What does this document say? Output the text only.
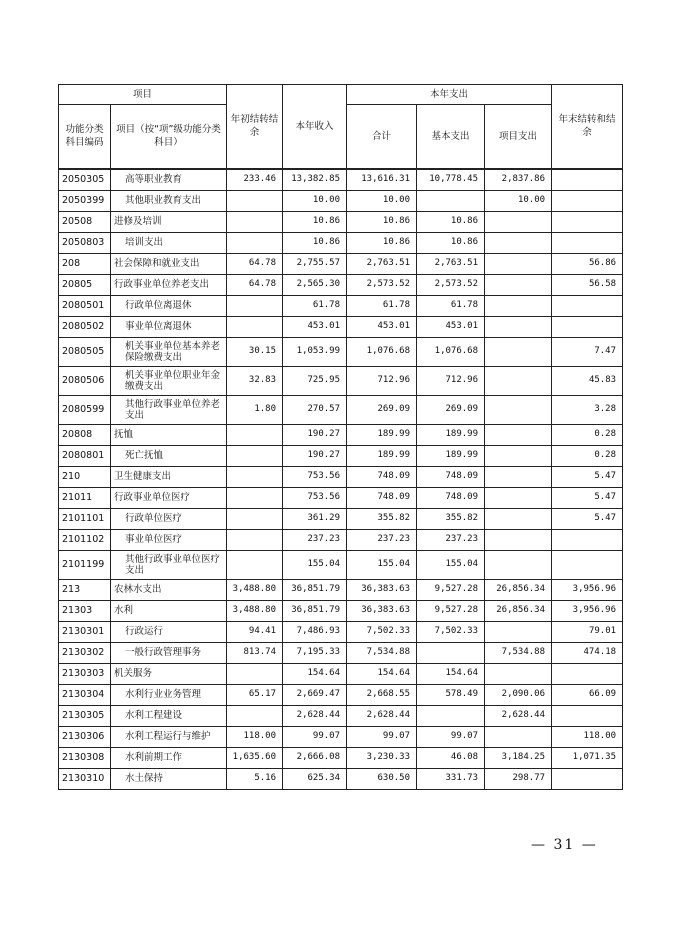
项目		年初结转结余	本年收入	本年支出			年末结转和结余
功能分类科目编码	项目（按“项”级功能分类科目）			合计	基本支出	项目支出	
2050305	高等职业教育	233.46	13,382.85	13,616.31	10,778.45	2,837.86	
2050399	其他职业教育支出		10.00	10.00		10.00	
20508	进修及培训		10.86	10.86	10.86		
2050803	培训支出		10.86	10.86	10.86		
208	社会保障和就业支出	64.78	2,755.57	2,763.51	2,763.51		56.86
20805	行政事业单位养老支出	64.78	2,565.30	2,573.52	2,573.52		56.58
2080501	行政单位离退休		61.78	61.78	61.78		
2080502	事业单位离退休		453.01	453.01	453.01		
2080505	机关事业单位基本养老保险缴费支出	30.15	1,053.99	1,076.68	1,076.68		7.47
2080506	机关事业单位职业年金缴费支出	32.83	725.95	712.96	712.96		45.83
2080599	其他行政事业单位养老支出	1.80	270.57	269.09	269.09		3.28
20808	抚恤		190.27	189.99	189.99		0.28
2080801	死亡抚恤		190.27	189.99	189.99		0.28
210	卫生健康支出		753.56	748.09	748.09		5.47
21011	行政事业单位医疗		753.56	748.09	748.09		5.47
2101101	行政单位医疗		361.29	355.82	355.82		5.47
2101102	事业单位医疗		237.23	237.23	237.23		
2101199	其他行政事业单位医疗支出		155.04	155.04	155.04		
213	农林水支出	3,488.80	36,851.79	36,383.63	9,527.28	26,856.34	3,956.96
21303	水利	3,488.80	36,851.79	36,383.63	9,527.28	26,856.34	3,956.96
2130301	行政运行	94.41	7,486.93	7,502.33	7,502.33		79.01
2130302	一般行政管理事务	813.74	7,195.33	7,534.88		7,534.88	474.18
2130303	机关服务		154.64	154.64	154.64		
2130304	水利行业业务管理	65.17	2,669.47	2,668.55	578.49	2,090.06	66.09
2130305	水利工程建设		2,628.44	2,628.44		2,628.44	
2130306	水利工程运行与维护	118.00	99.07	99.07	99.07		118.00
2130308	水利前期工作	1,635.60	2,666.08	3,230.33	46.08	3,184.25	1,071.35
2130310	水土保持	5.16	625.34	630.50	331.73	298.77	
— 31 —
